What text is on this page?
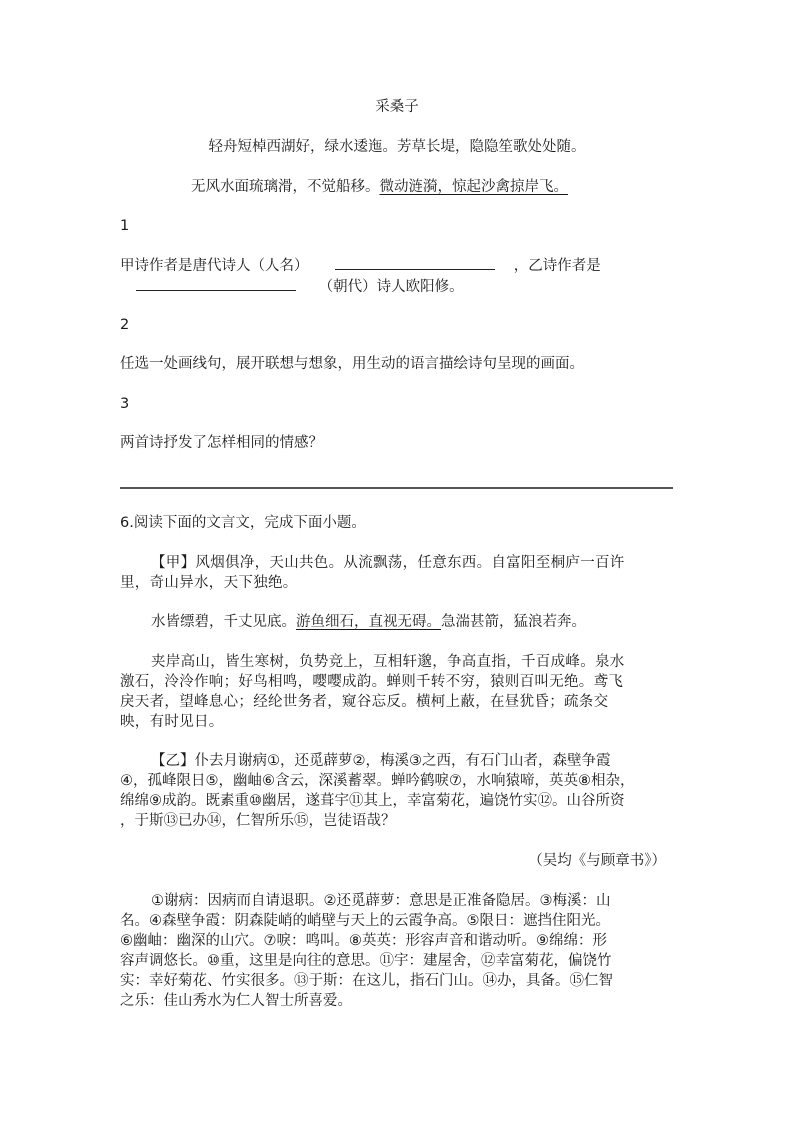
采桑子
轻舟短棹西湖好，绿水逶迤。芳草长堤，隐隐笙歌处处随。
无风水面琉璃滑，不觉船移。微动涟漪，惊起沙禽掠岸飞。
1
甲诗作者是唐代诗人（人名）	，乙诗作者是
（朝代）诗人欧阳修。
2
任选一处画线句，展开联想与想象，用生动的语言描绘诗句呈现的画面。
3
两首诗抒发了怎样相同的情感？
6.阅读下面的文言文，完成下面小题。
【甲】风烟俱净，天山共色。从流飘荡，任意东西。自富阳至桐庐一百许
里，奇山异水，天下独绝。
水皆缥碧，千丈见底。游鱼细石，直视无碍。急湍甚箭，猛浪若奔。
夹岸高山，皆生寒树，负势竞上，互相轩邈，争高直指，千百成峰。泉水
激石，泠泠作响；好鸟相鸣，嘤嘤成韵。蝉则千转不穷，猿则百叫无绝。鸢飞
戾天者，望峰息心；经纶世务者，窥谷忘反。横柯上蔽，在昼犹昏；疏条交
映，有时见日。
【乙】仆去月谢病①，还觅薜萝②，梅溪③之西，有石门山者，森壁争霞
④，孤峰限日⑤，幽岫⑥含云，深溪蓄翠。蝉吟鹤唳⑦，水响猿啼，英英⑧相杂，
绵绵⑨成韵。既素重⑩幽居，遂葺宇⑪其上，幸富菊花，遍饶竹实⑫。山谷所资
，于斯⑬已办⑭，仁智所乐⑮，岂徒语哉？
（吴均《与顾章书》）
①谢病：因病而自请退职。②还觅薜萝：意思是正准备隐居。③梅溪：山
名。④森壁争霞：阴森陡峭的峭壁与天上的云霞争高。⑤限日：遮挡住阳光。
⑥幽岫：幽深的山穴。⑦唳：鸣叫。⑧英英：形容声音和谐动听。⑨绵绵：形
容声调悠长。⑩重，这里是向往的意思。⑪宇：建屋舍，⑫幸富菊花，偏饶竹
实：幸好菊花、竹实很多。⑬于斯：在这儿，指石门山。⑭办，具备。⑮仁智
之乐：佳山秀水为仁人智士所喜爱。
